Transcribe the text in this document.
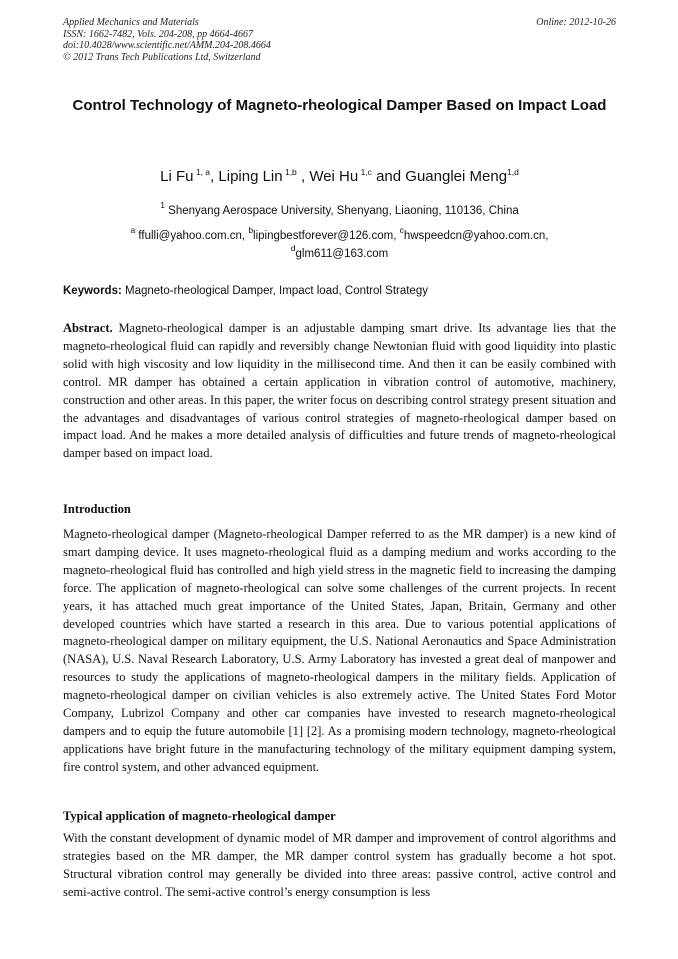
Applied Mechanics and Materials
ISSN: 1662-7482, Vols. 204-208, pp 4664-4667
doi:10.4028/www.scientific.net/AMM.204-208.4664
© 2012 Trans Tech Publications Ltd, Switzerland
Online: 2012-10-26
Control Technology of Magneto-rheological Damper Based on Impact Load
Li Fu $^{1, a}$, Liping Lin $^{1,b}$ , Wei Hu $^{1,c}$ and Guanglei Meng$^{1,d}$
$^1$ Shenyang Aerospace University, Shenyang, Liaoning, 110136, China
$^a$ ffulli@yahoo.com.cn, $^b$lipingbestforever@126.com, $^c$hwspeedcn@yahoo.com.cn,
$^d$glm611@163.com
Keywords: Magneto-rheological Damper, Impact load, Control Strategy
Abstract. Magneto-rheological damper is an adjustable damping smart drive. Its advantage lies that the magneto-rheological fluid can rapidly and reversibly change Newtonian fluid with good liquidity into plastic solid with high viscosity and low liquidity in the millisecond time. And then it can be easily combined with control. MR damper has obtained a certain application in vibration control of automotive, machinery, construction and other areas. In this paper, the writer focus on describing control strategy present situation and the advantages and disadvantages of various control strategies of magneto-rheological damper based on impact load. And he makes a more detailed analysis of difficulties and future trends of magneto-rheological damper based on impact load.
Introduction
Magneto-rheological damper (Magneto-rheological Damper referred to as the MR damper) is a new kind of smart damping device. It uses magneto-rheological fluid as a damping medium and works according to the magneto-rheological fluid has controlled and high yield stress in the magnetic field to increasing the damping force. The application of magneto-rheological can solve some challenges of the current projects. In recent years, it has attached much great importance of the United States, Japan, Britain, Germany and other developed countries which have started a research in this area. Due to various potential applications of magneto-rheological damper on military equipment, the U.S. National Aeronautics and Space Administration (NASA), U.S. Naval Research Laboratory, U.S. Army Laboratory has invested a great deal of manpower and resources to study the applications of magneto-rheological dampers in the military fields. Application of magneto-rheological damper on civilian vehicles is also extremely active. The United States Ford Motor Company, Lubrizol Company and other car companies have invested to research magneto-rheological dampers and to equip the future automobile [1] [2]. As a promising modern technology, magneto-rheological applications have bright future in the manufacturing technology of the military equipment damping system, fire control system, and other advanced equipment.
Typical application of magneto-rheological damper
With the constant development of dynamic model of MR damper and improvement of control algorithms and strategies based on the MR damper, the MR damper control system has gradually become a hot spot. Structural vibration control may generally be divided into three areas: passive control, active control and semi-active control. The semi-active control’s energy consumption is less
